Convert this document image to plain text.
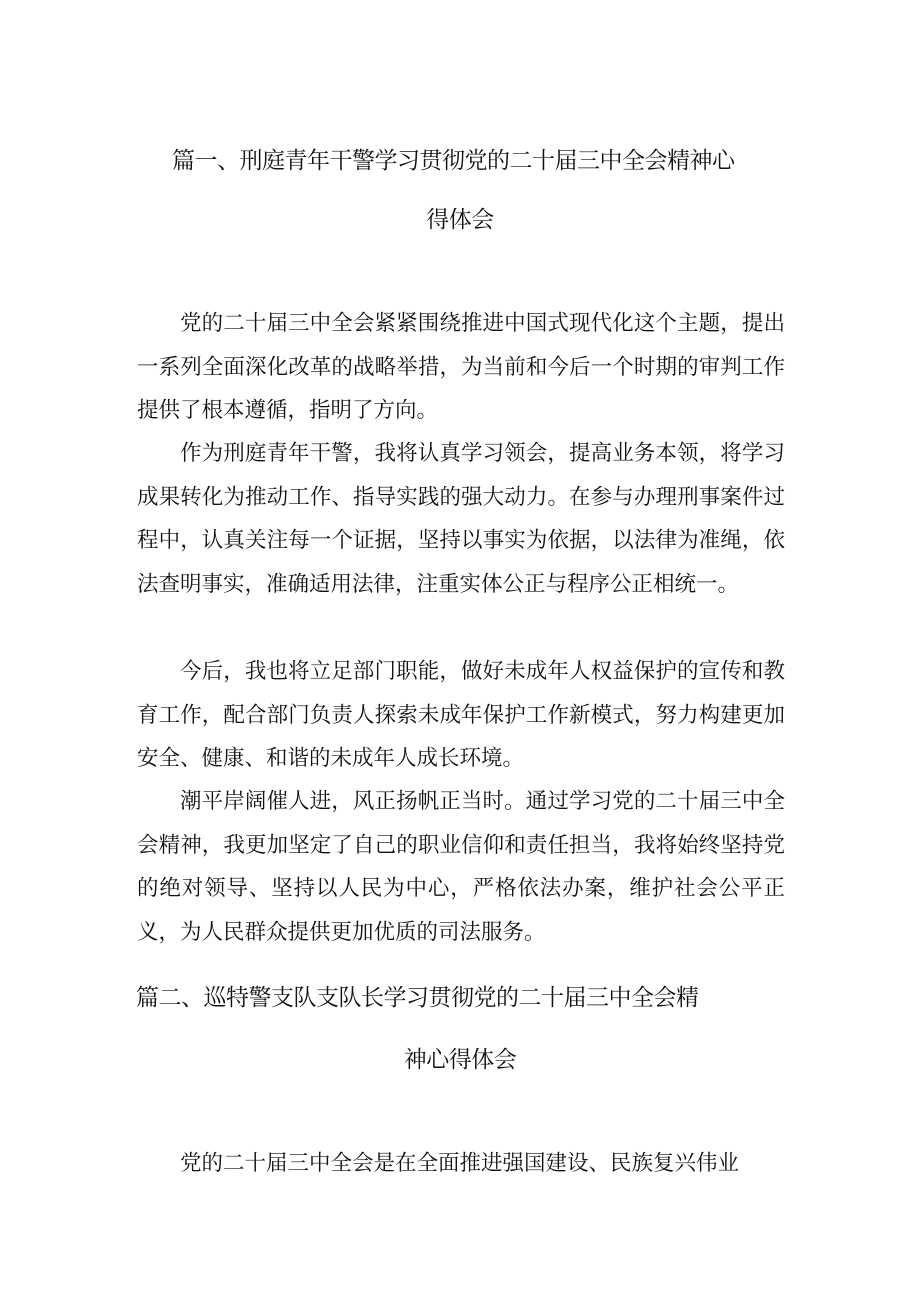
篇一、刑庭青年干警学习贯彻党的二十届三中全会精神心
得体会
党的二十届三中全会紧紧围绕推进中国式现代化这个主题，提出一系列全面深化改革的战略举措，为当前和今后一个时期的审判工作提供了根本遵循，指明了方向。
作为刑庭青年干警，我将认真学习领会，提高业务本领，将学习成果转化为推动工作、指导实践的强大动力。在参与办理刑事案件过程中，认真关注每一个证据，坚持以事实为依据，以法律为准绳，依法查明事实，准确适用法律，注重实体公正与程序公正相统一。
今后，我也将立足部门职能，做好未成年人权益保护的宣传和教育工作，配合部门负责人探索未成年保护工作新模式，努力构建更加安全、健康、和谐的未成年人成长环境。
潮平岸阔催人进，风正扬帆正当时。通过学习党的二十届三中全会精神，我更加坚定了自己的职业信仰和责任担当，我将始终坚持党的绝对领导、坚持以人民为中心，严格依法办案，维护社会公平正义，为人民群众提供更加优质的司法服务。
篇二、巡特警支队支队长学习贯彻党的二十届三中全会精
神心得体会
党的二十届三中全会是在全面推进强国建设、民族复兴伟业
